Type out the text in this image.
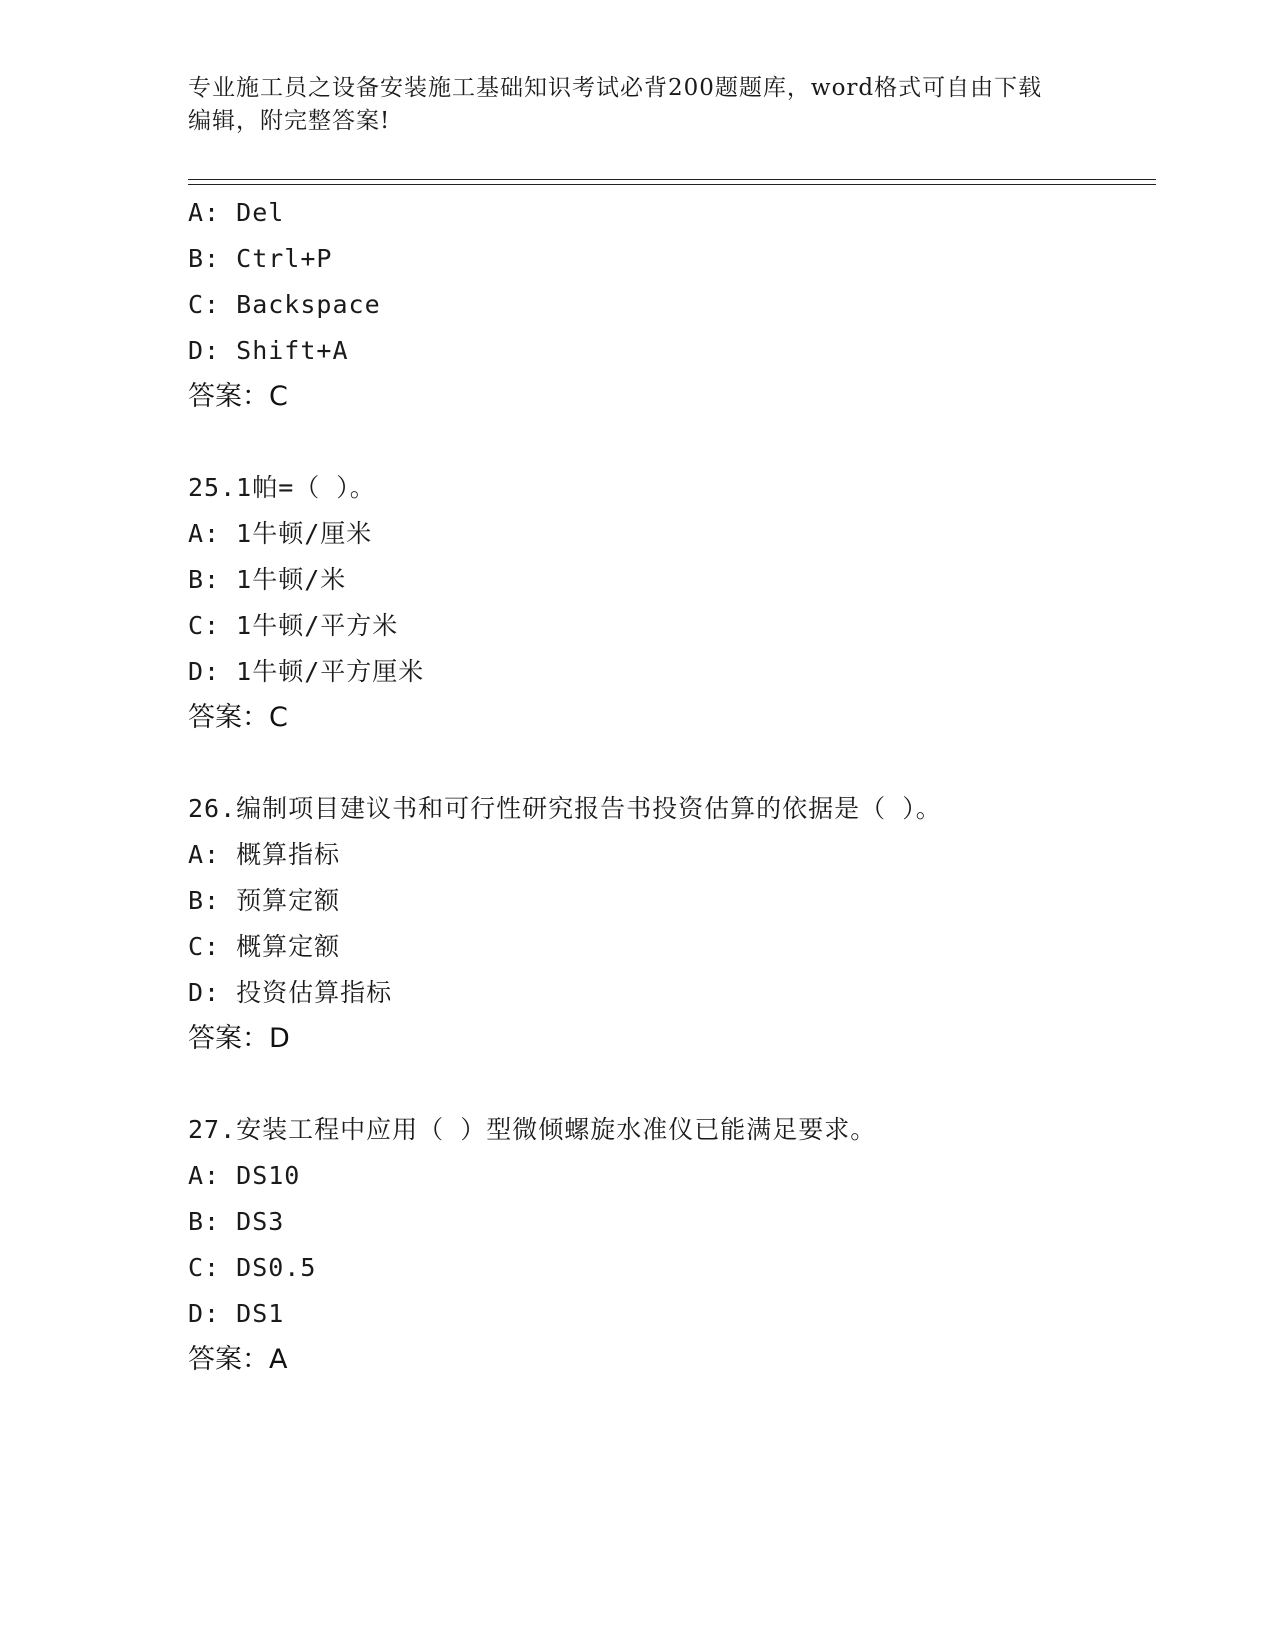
专业施工员之设备安装施工基础知识考试必背200题题库，word格式可自由下载
编辑，附完整答案!
A: Del
B: Ctrl+P
C: Backspace
D: Shift+A
答案：C
25.1帕=（ ）。
A: 1牛顿/厘米
B: 1牛顿/米
C: 1牛顿/平方米
D: 1牛顿/平方厘米
答案：C
26.编制项目建议书和可行性研究报告书投资估算的依据是（ ）。
A: 概算指标
B: 预算定额
C: 概算定额
D: 投资估算指标
答案：D
27.安装工程中应用（ ）型微倾螺旋水准仪已能满足要求。
A: DS10
B: DS3
C: DS0.5
D: DS1
答案：A
